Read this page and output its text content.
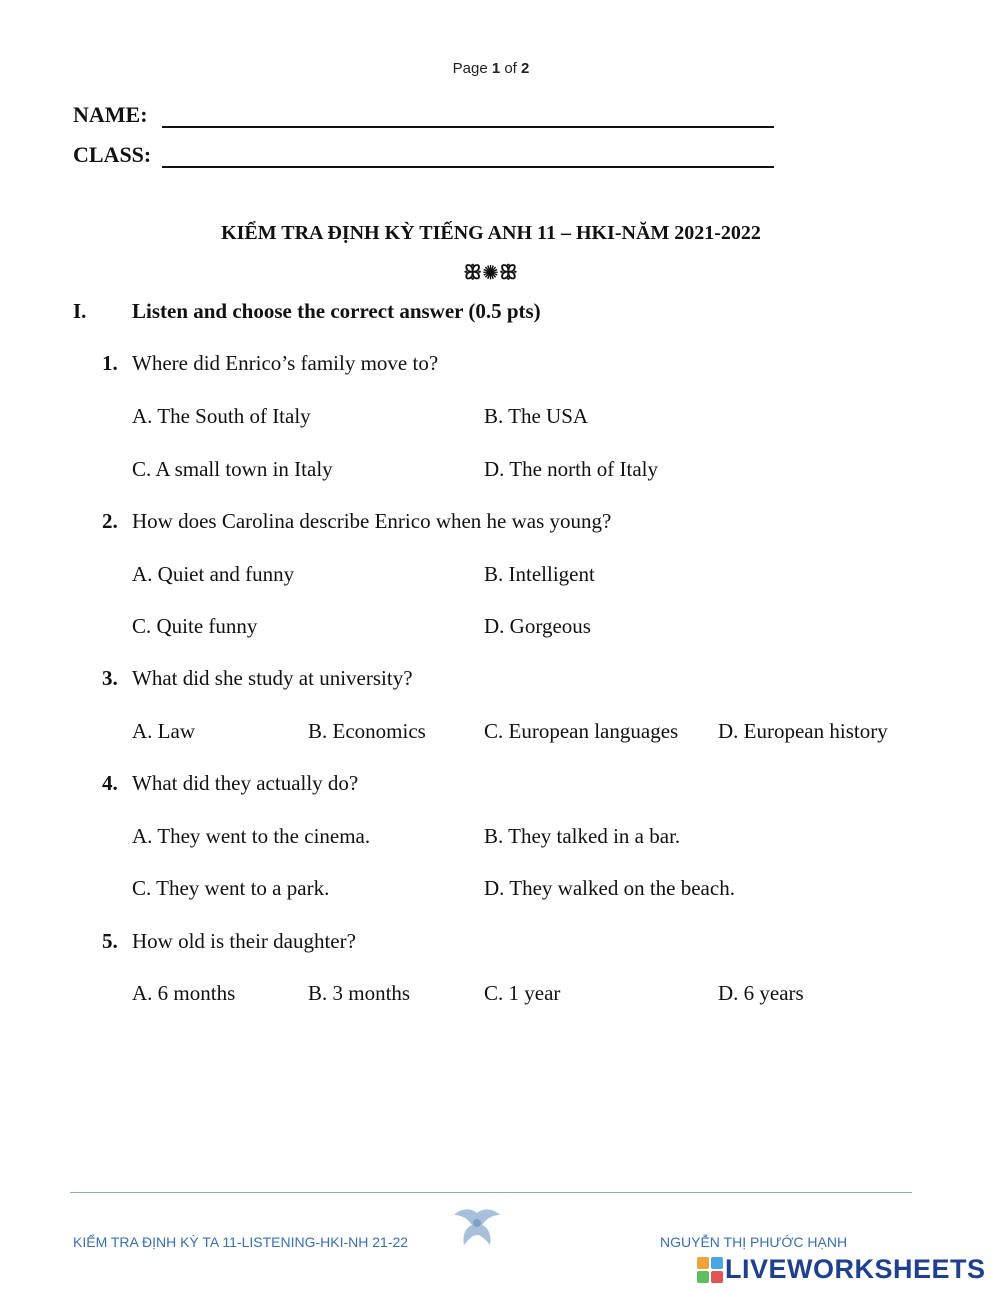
Page 1 of 2
NAME:
CLASS:
KIỂM TRA ĐỊNH KỲ TIẾNG ANH 11 – HKI-NĂM 2021-2022
ꕥ✺ꕥ
I. Listen and choose the correct answer (0.5 pts)
1. Where did Enrico’s family move to?
A. The South of Italy	B. The USA
C. A small town in Italy	D. The north of Italy
2. How does Carolina describe Enrico when he was young?
A. Quiet and funny	B. Intelligent
C. Quite funny	D. Gorgeous
3. What did she study at university?
A. Law	B. Economics	C. European languages D. European history
4. What did they actually do?
A. They went to the cinema.	B. They talked in a bar.
C. They went to a park.	D. They walked on the beach.
5. How old is their daughter?
A. 6 months	B. 3 months	C. 1 year	D. 6 years
KIỂM TRA ĐỊNH KỲ TA 11-LISTENING-HKI-NH 21-22	NGUYỄN THỊ PHƯỚC HẠNH
LIVEWORKSHEETS
